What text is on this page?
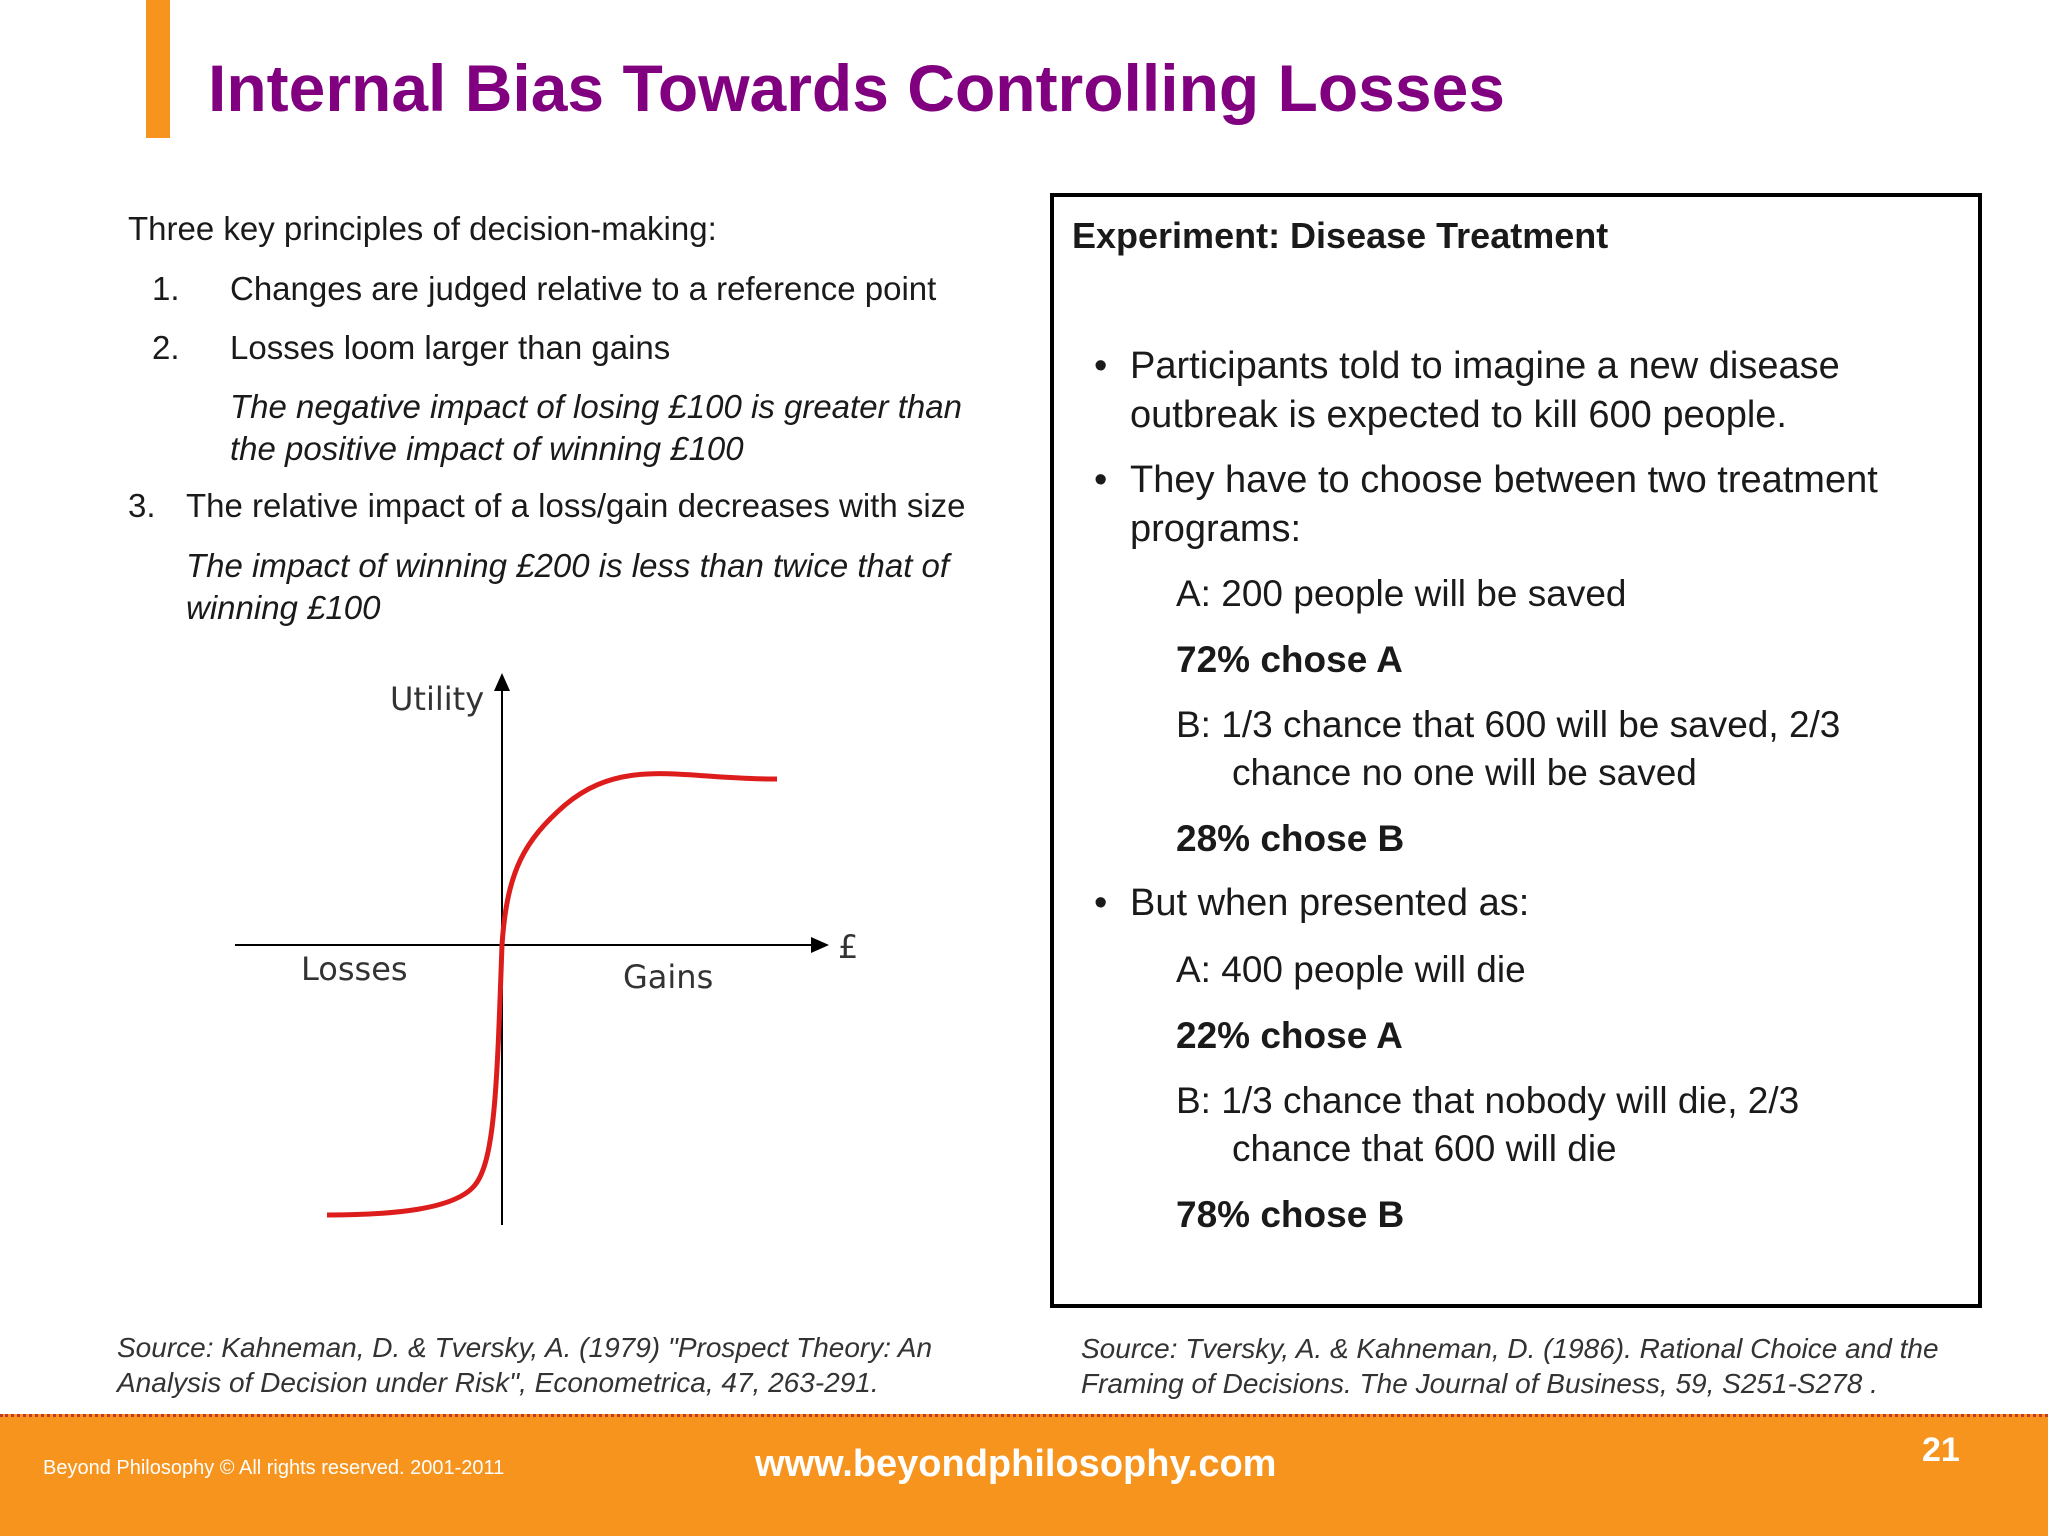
Internal Bias Towards Controlling Losses
Three key principles of decision-making:
1. Changes are judged relative to a reference point
2. Losses loom larger than gains
The negative impact of losing £100 is greater than
the positive impact of winning £100
3. The relative impact of a loss/gain decreases with size
The impact of winning £200 is less than twice that of
winning £100
Utility
£
Losses	Gains
Source: Kahneman, D. & Tversky, A. (1979) "Prospect Theory: An
Analysis of Decision under Risk", Econometrica, 47, 263-291.
Experiment: Disease Treatment
• Participants told to imagine a new disease
outbreak is expected to kill 600 people.
• They have to choose between two treatment
programs:
A: 200 people will be saved
72% chose A
B: 1/3 chance that 600 will be saved, 2/3
chance no one will be saved
28% chose B
• But when presented as:
A: 400 people will die
22% chose A
B: 1/3 chance that nobody will die, 2/3
chance that 600 will die
78% chose B
Source: Tversky, A. & Kahneman, D. (1986). Rational Choice and the
Framing of Decisions. The Journal of Business, 59, S251-S278 .
Beyond Philosophy © All rights reserved. 2001-2011	www.beyondphilosophy.com	21
